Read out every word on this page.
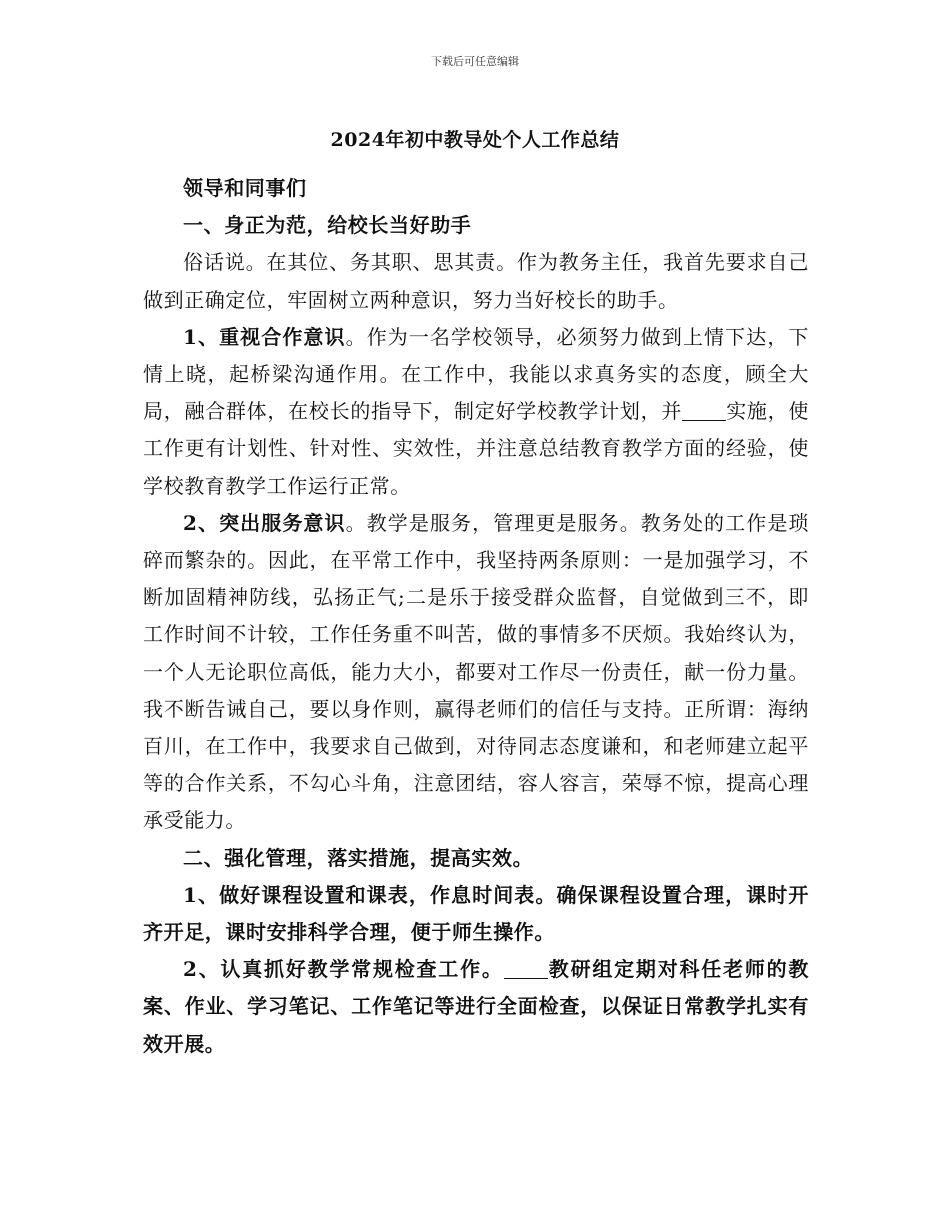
下载后可任意编辑
2024年初中教导处个人工作总结

领导和同事们

一、身正为范，给校长当好助手

俗话说。在其位、务其职、思其责。作为教务主任，我首先要求自己做到正确定位，牢固树立两种意识，努力当好校长的助手。

1、重视合作意识。作为一名学校领导，必须努力做到上情下达，下情上晓，起桥梁沟通作用。在工作中，我能以求真务实的态度，顾全大局，融合群体，在校长的指导下，制定好学校教学计划，并 实施，使工作更有计划性、针对性、实效性，并注意总结教育教学方面的经验，使学校教育教学工作运行正常。

2、突出服务意识。教学是服务，管理更是服务。教务处的工作是琐碎而繁杂的。因此，在平常工作中，我坚持两条原则：一是加强学习，不断加固精神防线，弘扬正气;二是乐于接受群众监督，自觉做到三不，即工作时间不计较，工作任务重不叫苦，做的事情多不厌烦。我始终认为，一个人无论职位高低，能力大小，都要对工作尽一份责任，献一份力量。我不断告诫自己，要以身作则，赢得老师们的信任与支持。正所谓：海纳百川，在工作中，我要求自己做到，对待同志态度谦和，和老师建立起平等的合作关系，不勾心斗角，注意团结，容人容言，荣辱不惊，提高心理承受能力。

二、强化管理，落实措施，提高实效。

1、做好课程设置和课表，作息时间表。确保课程设置合理，课时开齐开足，课时安排科学合理，便于师生操作。

2、认真抓好教学常规检查工作。 教研组定期对科任老师的教案、作业、学习笔记、工作笔记等进行全面检查，以保证日常教学扎实有效开展。
